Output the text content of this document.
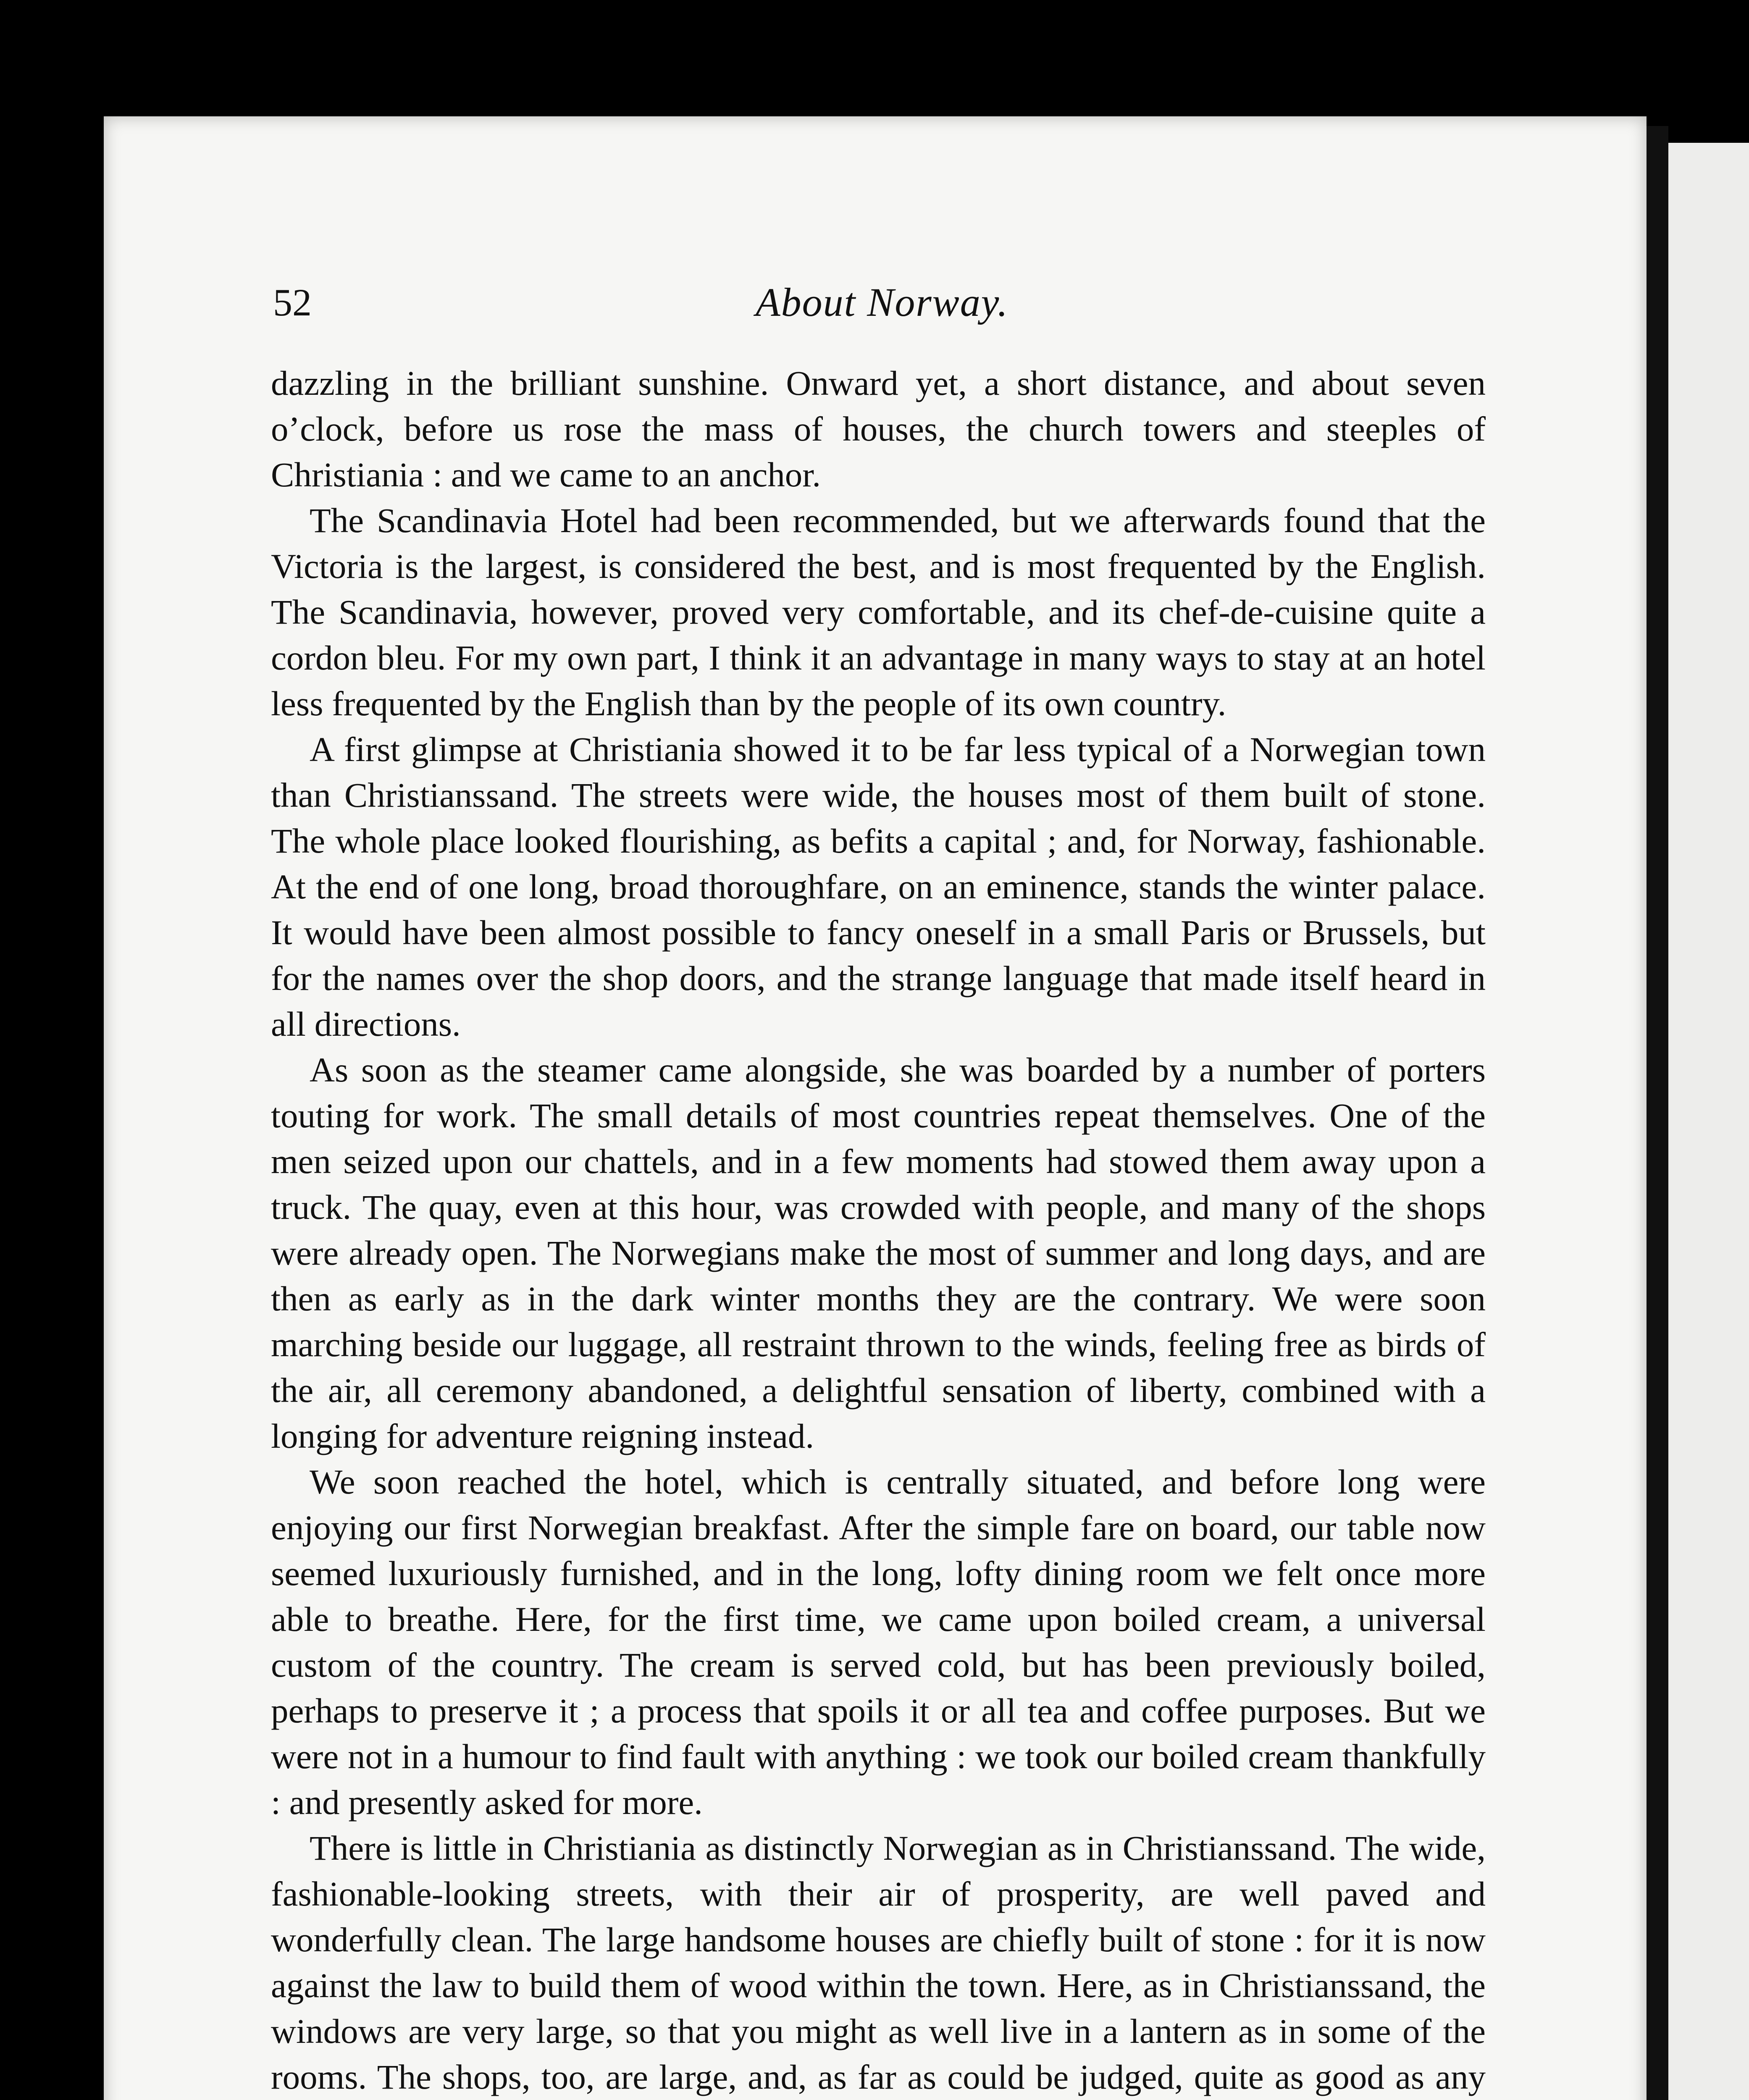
52	About Norway.

dazzling in the brilliant sunshine. Onward yet, a short distance, and about seven o’clock, before us rose the mass of houses, the church towers and steeples of Christiania : and we came to an anchor.

The Scandinavia Hotel had been recommended, but we afterwards found that the Victoria is the largest, is considered the best, and is most frequented by the English. The Scandinavia, however, proved very comfortable, and its chef-de-cuisine quite a cordon bleu. For my own part, I think it an advantage in many ways to stay at an hotel less frequented by the English than by the people of its own country.

A first glimpse at Christiania showed it to be far less typical of a Norwegian town than Christianssand. The streets were wide, the houses most of them built of stone. The whole place looked flourishing, as befits a capital ; and, for Norway, fashionable. At the end of one long, broad thoroughfare, on an eminence, stands the winter palace. It would have been almost possible to fancy oneself in a small Paris or Brussels, but for the names over the shop doors, and the strange language that made itself heard in all directions.

As soon as the steamer came alongside, she was boarded by a number of porters touting for work. The small details of most countries repeat themselves. One of the men seized upon our chattels, and in a few moments had stowed them away upon a truck. The quay, even at this hour, was crowded with people, and many of the shops were already open. The Norwegians make the most of summer and long days, and are then as early as in the dark winter months they are the contrary. We were soon marching beside our luggage, all restraint thrown to the winds, feeling free as birds of the air, all ceremony abandoned, a delightful sensation of liberty, combined with a longing for adventure reigning instead.

We soon reached the hotel, which is centrally situated, and before long were enjoying our first Norwegian breakfast. After the simple fare on board, our table now seemed luxuriously furnished, and in the long, lofty dining room we felt once more able to breathe. Here, for the first time, we came upon boiled cream, a universal custom of the country. The cream is served cold, but has been previously boiled, perhaps to preserve it ; a process that spoils it or all tea and coffee purposes. But we were not in a humour to find fault with anything : we took our boiled cream thankfully : and presently asked for more.

There is little in Christiania as distinctly Norwegian as in Christianssand. The wide, fashionable-looking streets, with their air of prosperity, are well paved and wonderfully clean. The large handsome houses are chiefly built of stone : for it is now against the law to build them of wood within the town. Here, as in Christianssand, the windows are very large, so that you might as well live in a lantern as in some of the rooms. The shops, too, are large, and, as far as could be judged, quite as good as any
